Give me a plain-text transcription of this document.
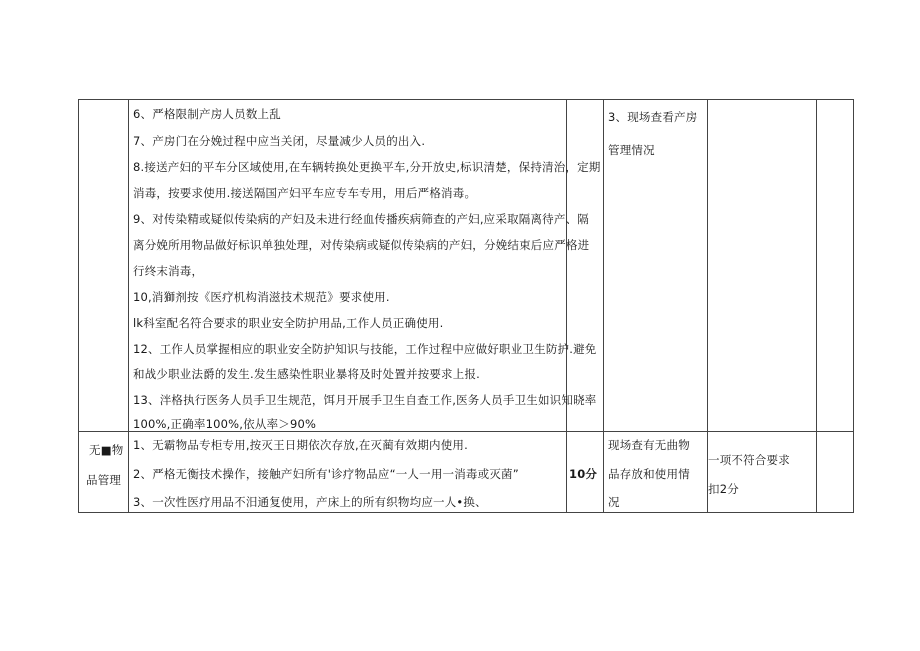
6、严格限制产房人员数上乱
7、产房门在分娩过程中应当关闭，尽量减少人员的出入.
8.接送产妇的平车分区域使用,在车辆转换处更换平车,分开放史,标识清楚，保持清治，定期
消毒，按要求使用.接送隔国产妇平车应专车专用，用后严格消毒。
9、对传染精或疑似传染病的产妇及未进行经血传播疾病筛查的产妇,应采取隔离待产、隔
离分娩所用物品做好标识单独处理，对传染病或疑似传染病的产妇，分娩结束后应严格进
行终末消毒，
10,消獅剂按《医疗机构消滋技术规范》要求使用.
lk科室配名符合要求的职业安全防护用品,工作人员正确使用.
12、工作人员掌握相应的职业安全防护知识与技能，工作过程中应做好职业卫生防护.避免
和战少职业法爵的发生.发生感染性职业暴将及时处置并按要求上报.
13、泮格执行医务人员手卫生规范，饵月开展手卫生自查工作,医务人员手卫生如识知晓率
100%,正确率100%,依从率＞90%
3、现场查看产房
管理情况
无■物
品管理
1、无霸物品专柜专用,按灭王日期依次存放,在灭蔺有效期内使用.
2、严格无衡技术操作，接触产妇所有'诊疗物品应“一人一用一消毒或灭菌”
3、一次性医疗用品不汨通复使用，产床上的所有织物均应一人•换、
10分
现场查有无曲物
品存放和使用情
况
一项不符合要求
扣2分
